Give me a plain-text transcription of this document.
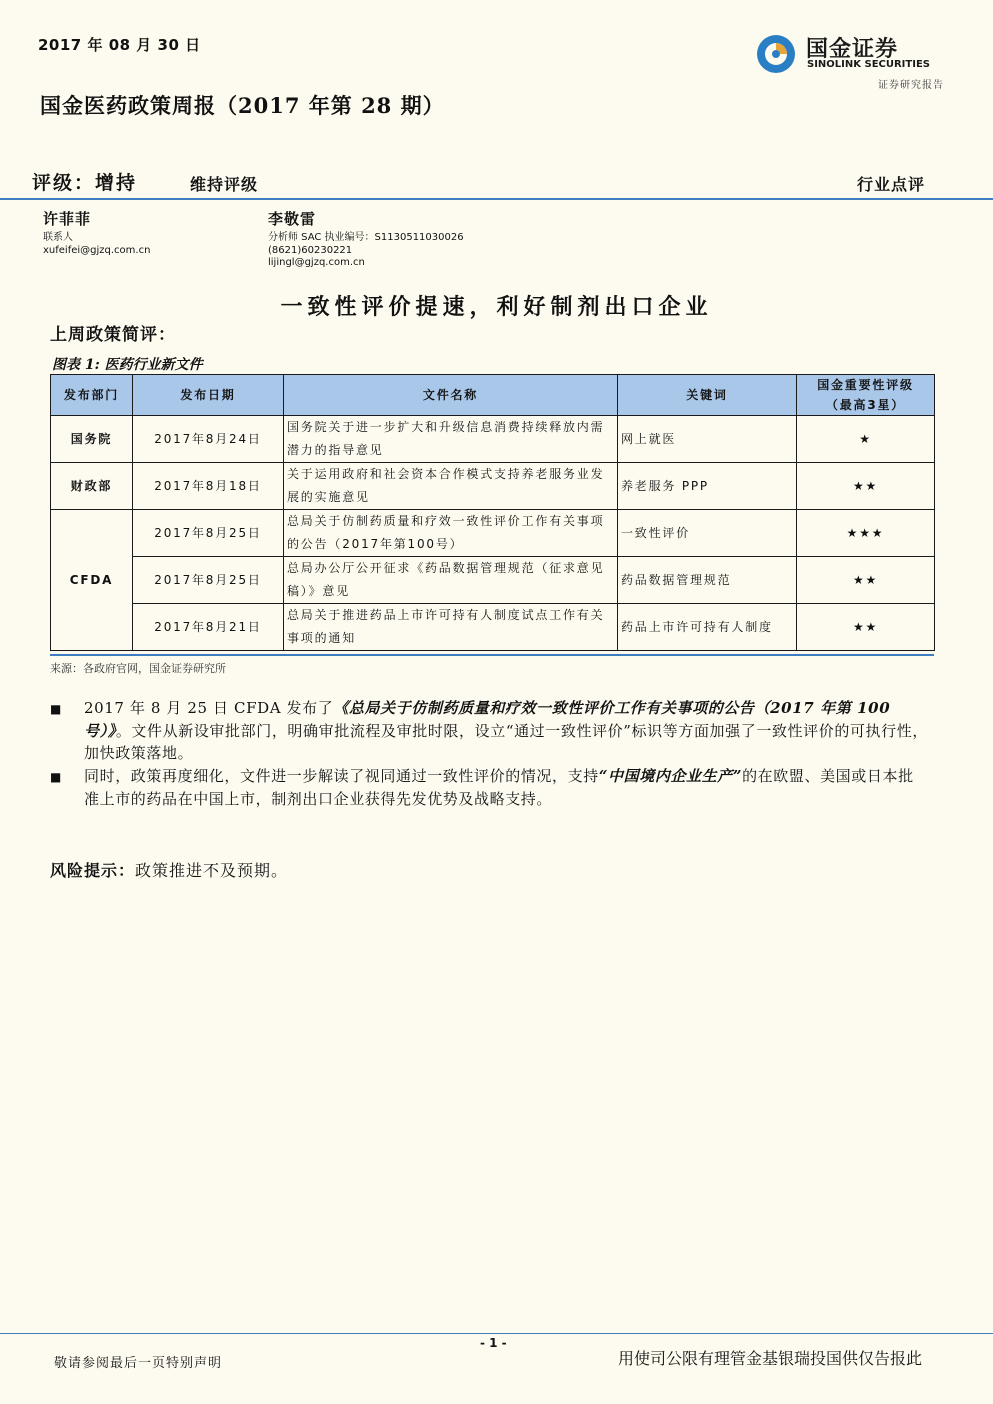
2017 年 08 月 30 日	国金证券
SINOLINK SECURITIES
证券研究报告
国金医药政策周报（2017 年第 28 期）
评级：增持	维持评级	行业点评
许菲菲
联系人
xufeifei@gjzq.com.cn
李敬雷
分析师 SAC 执业编号：S1130511030026
(8621)60230221
lijingl@gjzq.com.cn
一致性评价提速，利好制剂出口企业
上周政策简评：
图表 1: 医药行业新文件
发布部门	发布日期	文件名称	关键词	国金重要性评级
（最高3星）

国务院	2017年8月24日	国务院关于进一步扩大和升级信息消费持续释放内需潜力的指导意见	网上就医	★
财政部	2017年8月18日	关于运用政府和社会资本合作模式支持养老服务业发展的实施意见	养老服务 PPP	★★
CFDA	2017年8月25日	总局关于仿制药质量和疗效一致性评价工作有关事项的公告（2017年第100号）	一致性评价	★★★
	2017年8月25日	总局办公厅公开征求《药品数据管理规范（征求意见稿）》意见	药品数据管理规范	★★
	2017年8月21日	总局关于推进药品上市许可持有人制度试点工作有关事项的通知	药品上市许可持有人制度	★★
来源：各政府官网，国金证券研究所
■ 2017 年 8 月 25 日 CFDA 发布了《总局关于仿制药质量和疗效一致性评价工作有关事项的公告（2017 年第 100 号）》。文件从新设审批部门，明确审批流程及审批时限，设立“通过一致性评价”标识等方面加强了一致性评价的可执行性，加快政策落地。
■ 同时，政策再度细化，文件进一步解读了视同通过一致性评价的情况，支持“中国境内企业生产”的在欧盟、美国或日本批准上市的药品在中国上市，制剂出口企业获得先发优势及战略支持。
风险提示：政策推进不及预期。
- 1 -
敬请参阅最后一页特别声明	用使司公限有理管金基银瑞投国供仅告报此
